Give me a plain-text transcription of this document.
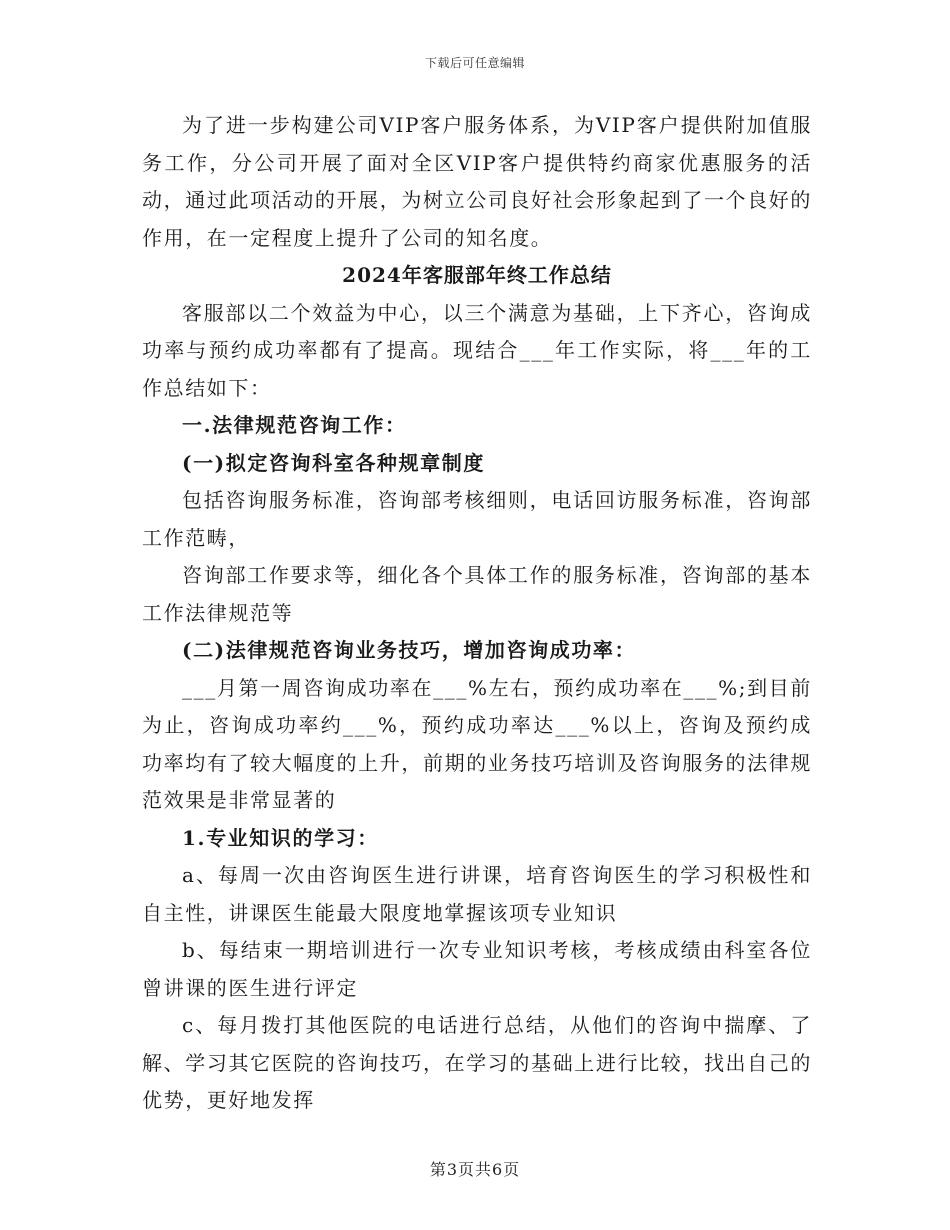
下载后可任意编辑

为了进一步构建公司VIP客户服务体系，为VIP客户提供附加值服务工作，分公司开展了面对全区VIP客户提供特约商家优惠服务的活动，通过此项活动的开展，为树立公司良好社会形象起到了一个良好的作用，在一定程度上提升了公司的知名度。

2024年客服部年终工作总结

客服部以二个效益为中心，以三个满意为基础，上下齐心，咨询成功率与预约成功率都有了提高。现结合___年工作实际，将___年的工作总结如下：

一.法律规范咨询工作：

(一)拟定咨询科室各种规章制度

包括咨询服务标准，咨询部考核细则，电话回访服务标准，咨询部工作范畴，

咨询部工作要求等，细化各个具体工作的服务标准，咨询部的基本工作法律规范等

(二)法律规范咨询业务技巧，增加咨询成功率：

___月第一周咨询成功率在___%左右，预约成功率在___%;到目前为止，咨询成功率约___%，预约成功率达___%以上，咨询及预约成功率均有了较大幅度的上升，前期的业务技巧培训及咨询服务的法律规范效果是非常显著的

1.专业知识的学习：

a、每周一次由咨询医生进行讲课，培育咨询医生的学习积极性和自主性，讲课医生能最大限度地掌握该项专业知识

b、每结束一期培训进行一次专业知识考核，考核成绩由科室各位曾讲课的医生进行评定

c、每月拨打其他医院的电话进行总结，从他们的咨询中揣摩、了解、学习其它医院的咨询技巧，在学习的基础上进行比较，找出自己的优势，更好地发挥

第3页共6页
